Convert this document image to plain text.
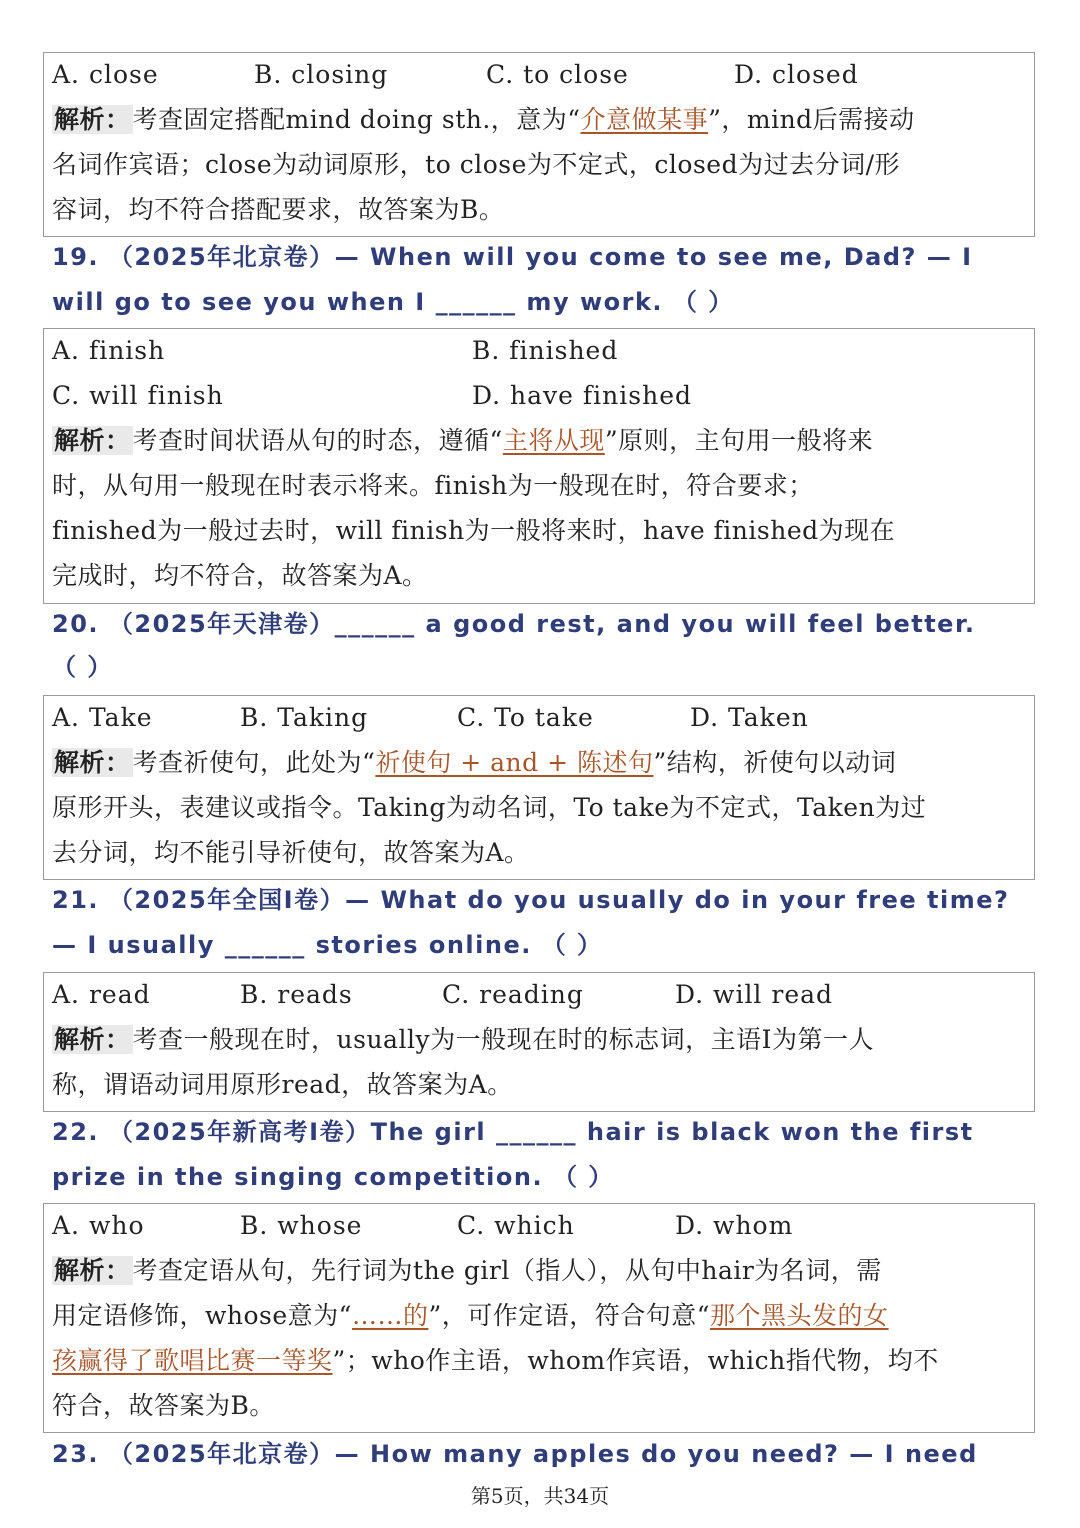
A. close	B. closing	C. to close	D. closed
解析：考查固定搭配mind doing sth.，意为“介意做某事”，mind后需接动
名词作宾语；close为动词原形，to close为不定式，closed为过去分词/形
容词，均不符合搭配要求，故答案为B。
19. （2025年北京卷）— When will you come to see me, Dad? — I
will go to see you when I ______ my work. （ ）
A. finish	B. finished
C. will finish	D. have finished
解析：考查时间状语从句的时态，遵循“主将从现”原则，主句用一般将来
时，从句用一般现在时表示将来。finish为一般现在时，符合要求；
finished为一般过去时，will finish为一般将来时，have finished为现在
完成时，均不符合，故答案为A。
20. （2025年天津卷）______ a good rest, and you will feel better.
（ ）
A. Take	B. Taking	C. To take	D. Taken
解析：考查祈使句，此处为“祈使句 + and + 陈述句”结构，祈使句以动词
原形开头，表建议或指令。Taking为动名词，To take为不定式，Taken为过
去分词，均不能引导祈使句，故答案为A。
21. （2025年全国I卷）— What do you usually do in your free time?
— I usually ______ stories online. （ ）
A. read	B. reads	C. reading	D. will read
解析：考查一般现在时，usually为一般现在时的标志词，主语I为第一人
称，谓语动词用原形read，故答案为A。
22. （2025年新高考I卷）The girl ______ hair is black won the first
prize in the singing competition. （ ）
A. who	B. whose	C. which	D. whom
解析：考查定语从句，先行词为the girl（指人），从句中hair为名词，需
用定语修饰，whose意为“……的”，可作定语，符合句意“那个黑头发的女
孩赢得了歌唱比赛一等奖”；who作主语，whom作宾语，which指代物，均不
符合，故答案为B。
23. （2025年北京卷）— How many apples do you need? — I need
第5页，共34页
